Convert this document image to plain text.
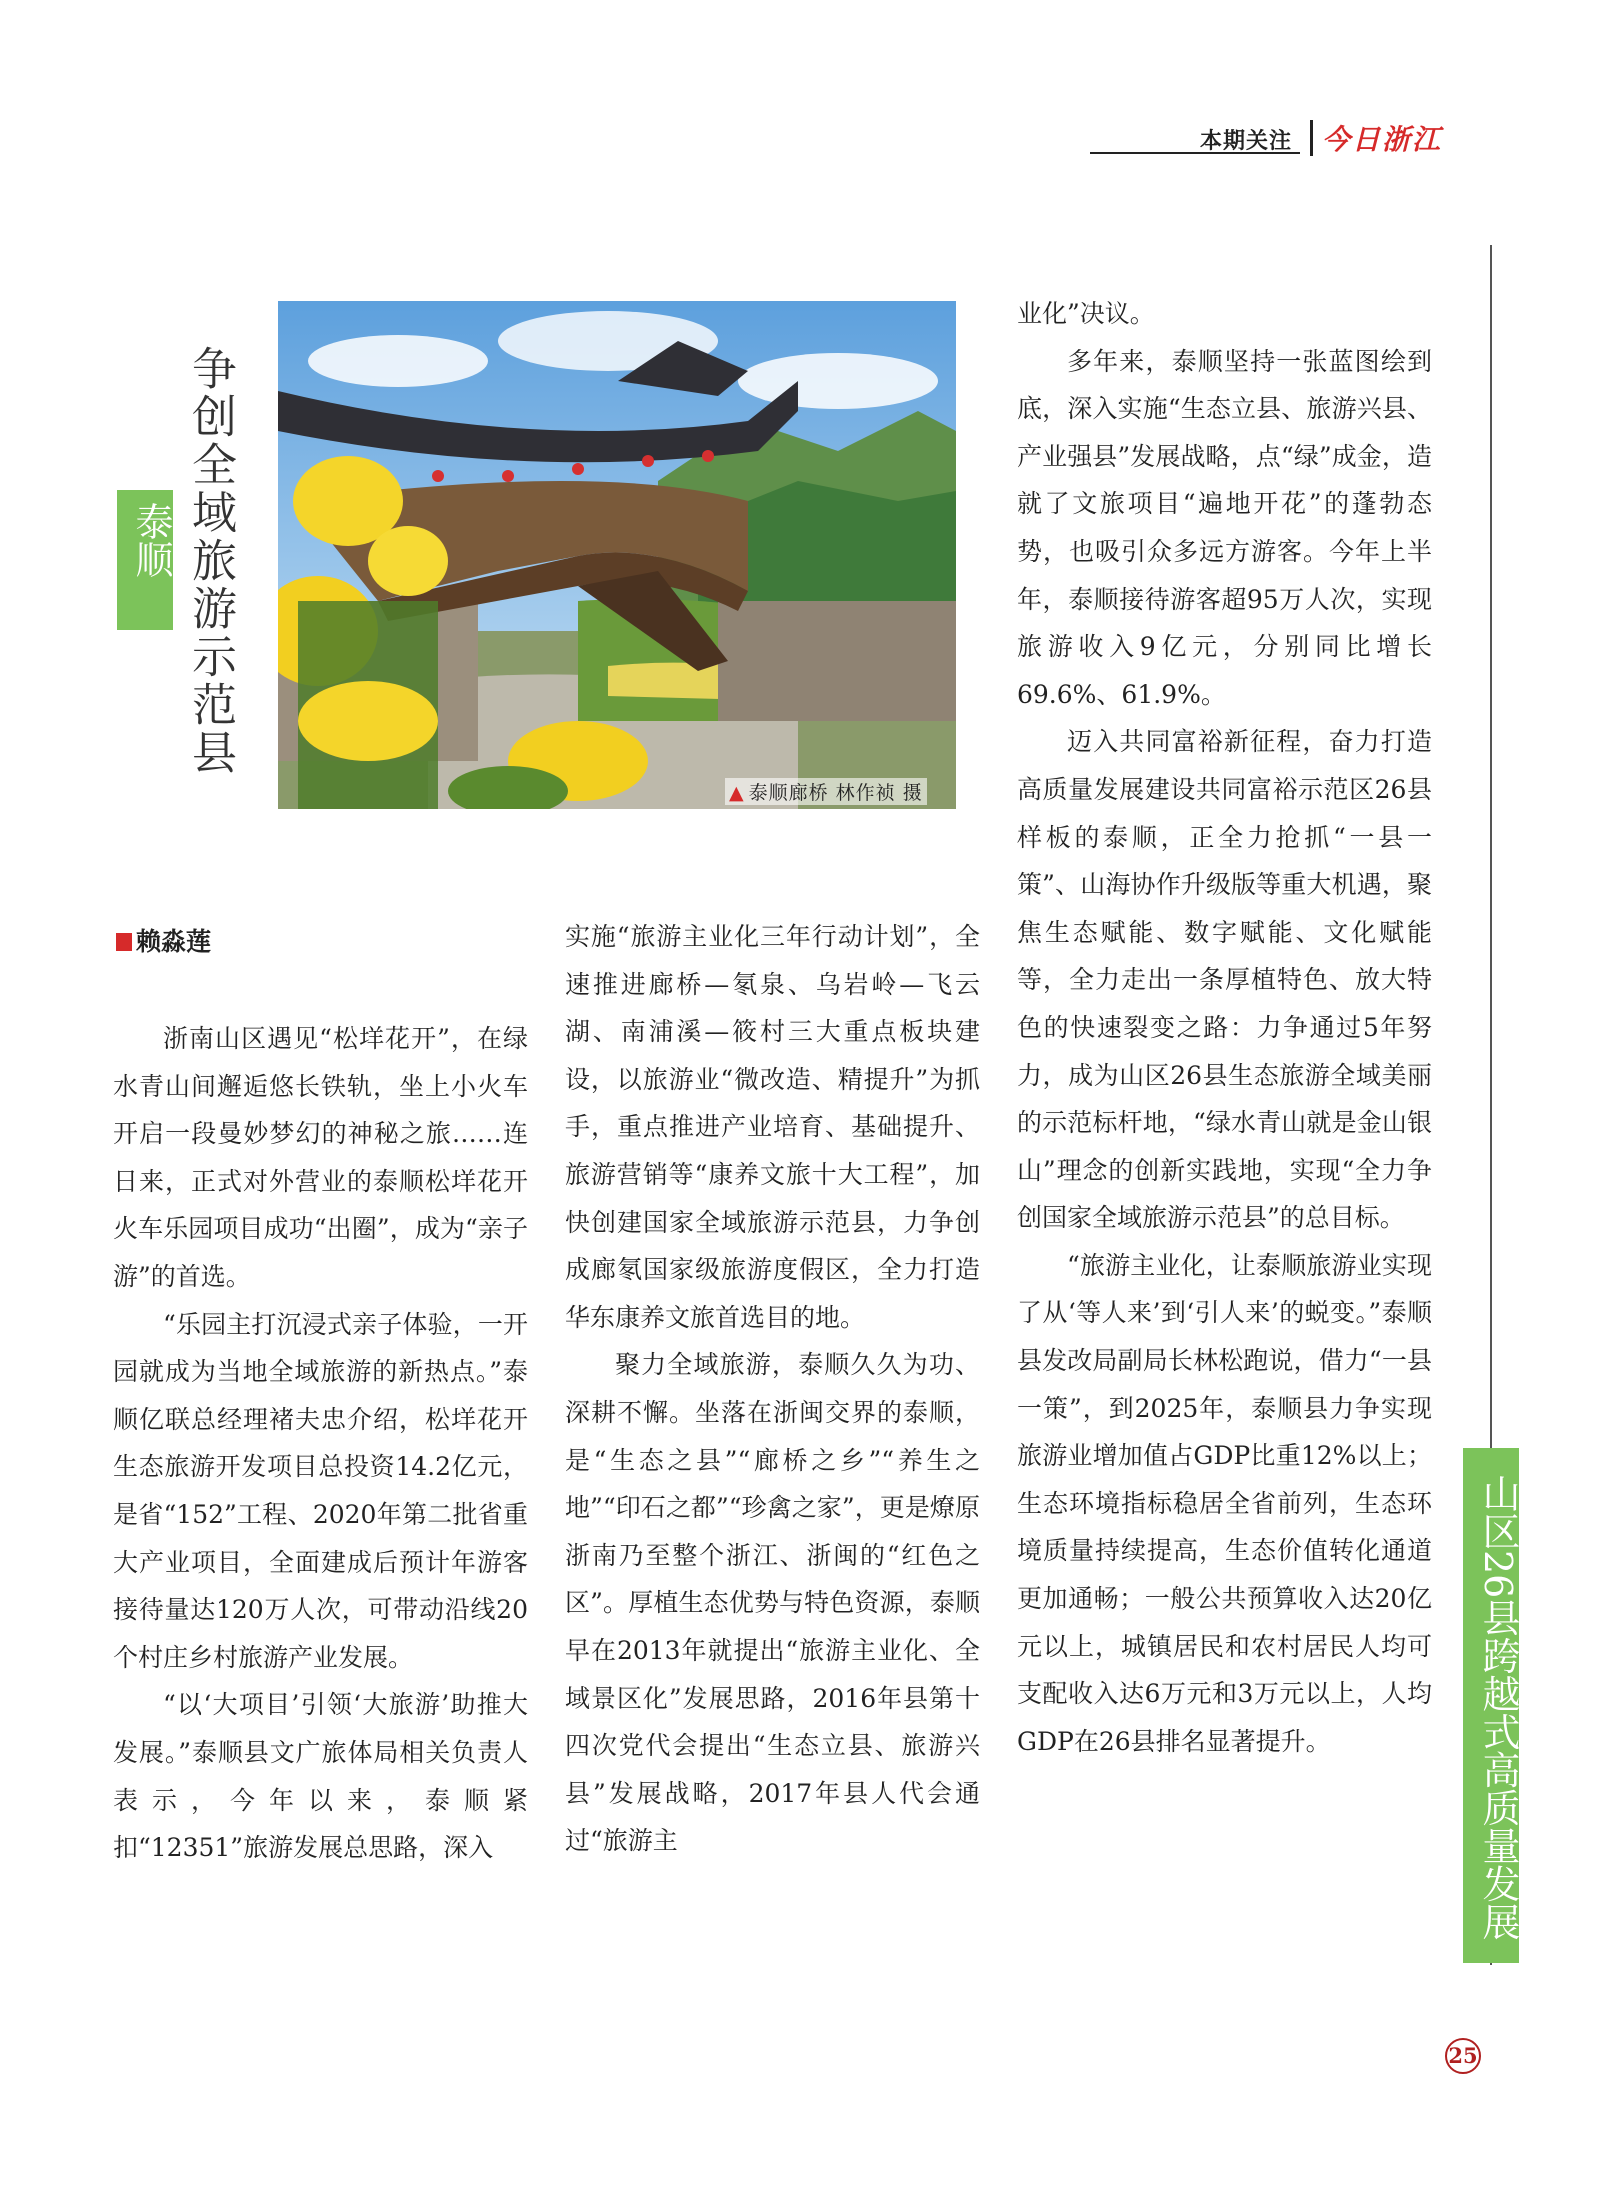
本期关注 今日浙江
山区26县跨越式高质量发展
泰顺 争创全域旅游示范县
▲ 泰顺廊桥 林作祯 摄
赖淼莲

浙南山区遇见“松垟花开”，在绿水青山间邂逅悠长铁轨，坐上小火车开启一段曼妙梦幻的神秘之旅……连日来，正式对外营业的泰顺松垟花开火车乐园项目成功“出圈”，成为“亲子游”的首选。

“乐园主打沉浸式亲子体验，一开园就成为当地全域旅游的新热点。”泰顺亿联总经理褚夫忠介绍，松垟花开生态旅游开发项目总投资14.2亿元，是省“152”工程、2020年第二批省重大产业项目，全面建成后预计年游客接待量达120万人次，可带动沿线20个村庄乡村旅游产业发展。

“以‘大项目’引领‘大旅游’助推大发展。”泰顺县文广旅体局相关负责人表示，今年以来，泰顺紧扣“12351”旅游发展总思路，深入

实施“旅游主业化三年行动计划”，全速推进廊桥—氡泉、乌岩岭—飞云湖、南浦溪—筱村三大重点板块建设，以旅游业“微改造、精提升”为抓手，重点推进产业培育、基础提升、旅游营销等“康养文旅十大工程”，加快创建国家全域旅游示范县，力争创成廊氡国家级旅游度假区，全力打造华东康养文旅首选目的地。

聚力全域旅游，泰顺久久为功、深耕不懈。坐落在浙闽交界的泰顺，是“生态之县”“廊桥之乡”“养生之地”“印石之都”“珍禽之家”，更是燎原浙南乃至整个浙江、浙闽的“红色之区”。厚植生态优势与特色资源，泰顺早在2013年就提出“旅游主业化、全域景区化”发展思路，2016年县第十四次党代会提出“生态立县、旅游兴县”发展战略，2017年县人代会通过“旅游主

业化”决议。

多年来，泰顺坚持一张蓝图绘到底，深入实施“生态立县、旅游兴县、产业强县”发展战略，点“绿”成金，造就了文旅项目“遍地开花”的蓬勃态势，也吸引众多远方游客。今年上半年，泰顺接待游客超95万人次，实现旅游收入9亿元，分别同比增长69.6%、61.9%。

迈入共同富裕新征程，奋力打造高质量发展建设共同富裕示范区26县样板的泰顺，正全力抢抓“一县一策”、山海协作升级版等重大机遇，聚焦生态赋能、数字赋能、文化赋能等，全力走出一条厚植特色、放大特色的快速裂变之路：力争通过5年努力，成为山区26县生态旅游全域美丽的示范标杆地，“绿水青山就是金山银山”理念的创新实践地，实现“全力争创国家全域旅游示范县”的总目标。

“旅游主业化，让泰顺旅游业实现了从‘等人来’到‘引人来’的蜕变。”泰顺县发改局副局长林松跑说，借力“一县一策”，到2025年，泰顺县力争实现旅游业增加值占GDP比重12%以上；生态环境指标稳居全省前列，生态环境质量持续提高，生态价值转化通道更加通畅；一般公共预算收入达20亿元以上，城镇居民和农村居民人均可支配收入达6万元和3万元以上，人均GDP在26县排名显著提升。

25
